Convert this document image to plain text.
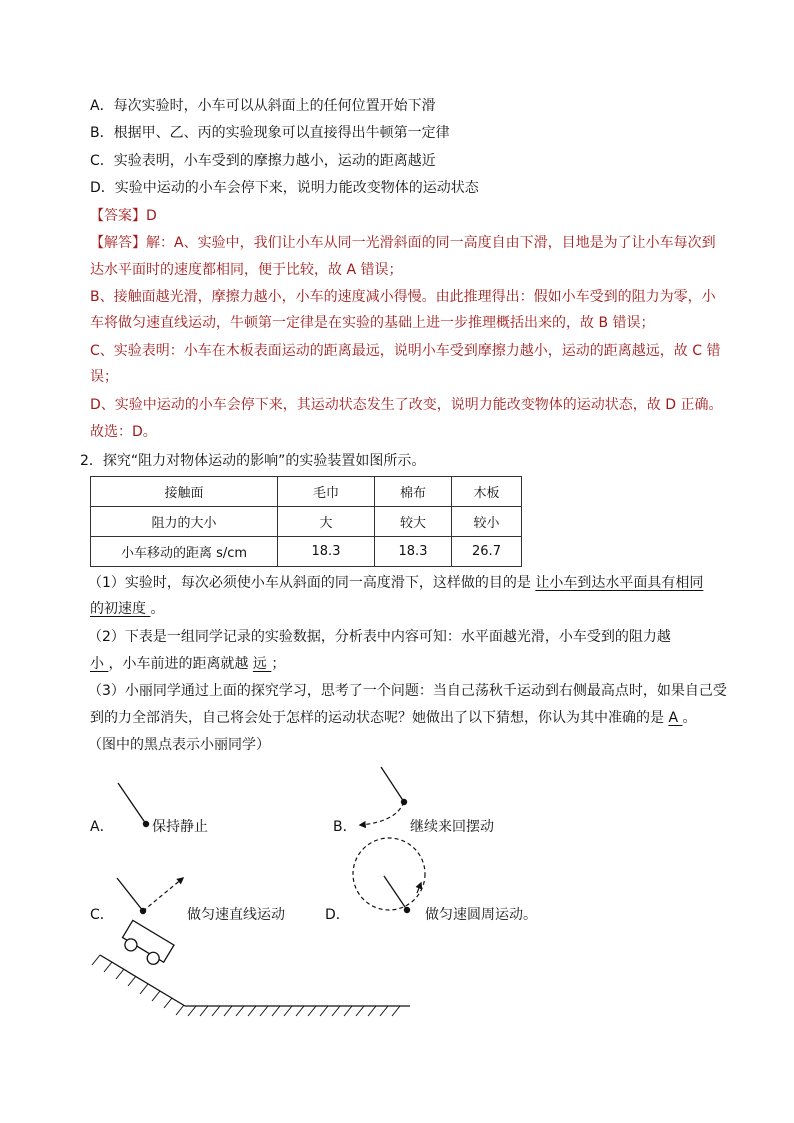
A．每次实验时，小车可以从斜面上的任何位置开始下滑
B．根据甲、乙、丙的实验现象可以直接得出牛顿第一定律
C．实验表明，小车受到的摩擦力越小，运动的距离越近
D．实验中运动的小车会停下来，说明力能改变物体的运动状态
【答案】D
【解答】解：A、实验中，我们让小车从同一光滑斜面的同一高度自由下滑，目地是为了让小车每次到
达水平面时的速度都相同，便于比较，故 A 错误；
B、接触面越光滑，摩擦力越小，小车的速度减小得慢。由此推理得出：假如小车受到的阻力为零，小
车将做匀速直线运动，牛顿第一定律是在实验的基础上进一步推理概括出来的，故 B 错误；
C、实验表明：小车在木板表面运动的距离最远，说明小车受到摩擦力越小，运动的距离越远，故 C 错
误；
D、实验中运动的小车会停下来，其运动状态发生了改变，说明力能改变物体的运动状态，故 D 正确。
故选：D。
2．探究“阻力对物体运动的影响”的实验装置如图所示。
接触面	毛巾	棉布	木板
阻力的大小	大	较大	较小
小车移动的距离 s/cm	18.3	18.3	26.7
（1）实验时，每次必须使小车从斜面的同一高度滑下，这样做的目的是 让小车到达水平面具有相同
的初速度 。
（2）下表是一组同学记录的实验数据，分析表中内容可知：水平面越光滑，小车受到的阻力越
小 ，小车前进的距离就越 远 ；
（3）小丽同学通过上面的探究学习，思考了一个问题：当自己荡秋千运动到右侧最高点时，如果自己受
到的力全部消失，自己将会处于怎样的运动状态呢？她做出了以下猜想，你认为其中准确的是 A 。
（图中的黑点表示小丽同学）
A．	保持静止	B．	继续来回摆动
C．	做匀速直线运动	D．	做匀速圆周运动。
